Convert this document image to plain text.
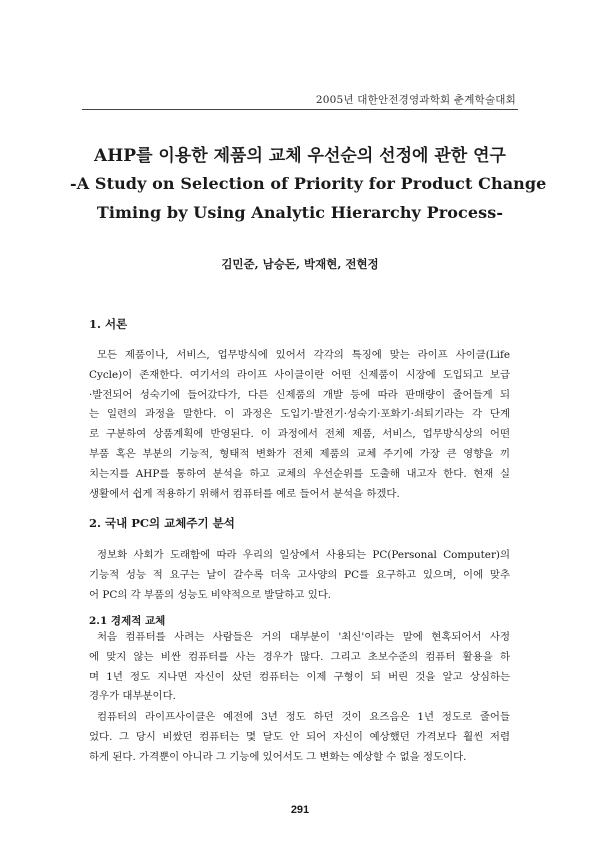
2005년 대한안전경영과학회 춘계학술대회
AHP를 이용한 제품의 교체 우선순의 선정에 관한 연구
-A Study on Selection of Priority for Product Change
Timing by Using Analytic Hierarchy Process-
김민준, 남승돈, 박재현, 전현정
1. 서론
모든 제품이나, 서비스, 업무방식에 있어서 각각의 특징에 맞는 라이프 사이클(Life
Cycle)이 존재한다. 여기서의 라이프 사이클이란 어떤 신제품이 시장에 도입되고 보급
·발전되어 성숙기에 들어갔다가, 다른 신제품의 개발 등에 따라 판매량이 줄어들게 되
는 일련의 과정을 말한다. 이 과정은 도입기·발전기·성숙기·포화기·쇠퇴기라는 각 단계
로 구분하여 상품계획에 반영된다. 이 과정에서 전체 제품, 서비스, 업무방식상의 어떤
부품 혹은 부분의 기능적, 형태적 변화가 전체 제품의 교체 주기에 가장 큰 영향을 끼
치는지를 AHP를 통하여 분석을 하고 교체의 우선순위를 도출해 내고자 한다. 현재 실
생활에서 쉽게 적용하기 위해서 컴퓨터를 예로 들어서 분석을 하겠다.
2. 국내 PC의 교체주기 분석
정보화 사회가 도래함에 따라 우리의 일상에서 사용되는 PC(Personal Computer)의
기능적 성능 적 요구는 날이 갈수록 더욱 고사양의 PC를 요구하고 있으며, 이에 맞추
어 PC의 각 부품의 성능도 비약적으로 발달하고 있다.
2.1 경제적 교체
처음 컴퓨터를 사려는 사람들은 거의 대부분이 '최신'이라는 말에 현혹되어서 사정
에 맞지 않는 비싼 컴퓨터를 사는 경우가 많다. 그리고 초보수준의 컴퓨터 활용을 하
며 1년 정도 지나면 자신이 샀던 컴퓨터는 이제 구형이 되 버린 것을 알고 상심하는
경우가 대부분이다.
컴퓨터의 라이프사이클은 예전에 3년 정도 하던 것이 요즈음은 1년 정도로 줄어들
었다. 그 당시 비쌌던 컴퓨터는 몇 달도 안 되어 자신이 예상했던 가격보다 훨씬 저렴
하게 된다. 가격뿐이 아니라 그 기능에 있어서도 그 변화는 예상할 수 없을 정도이다.
291
